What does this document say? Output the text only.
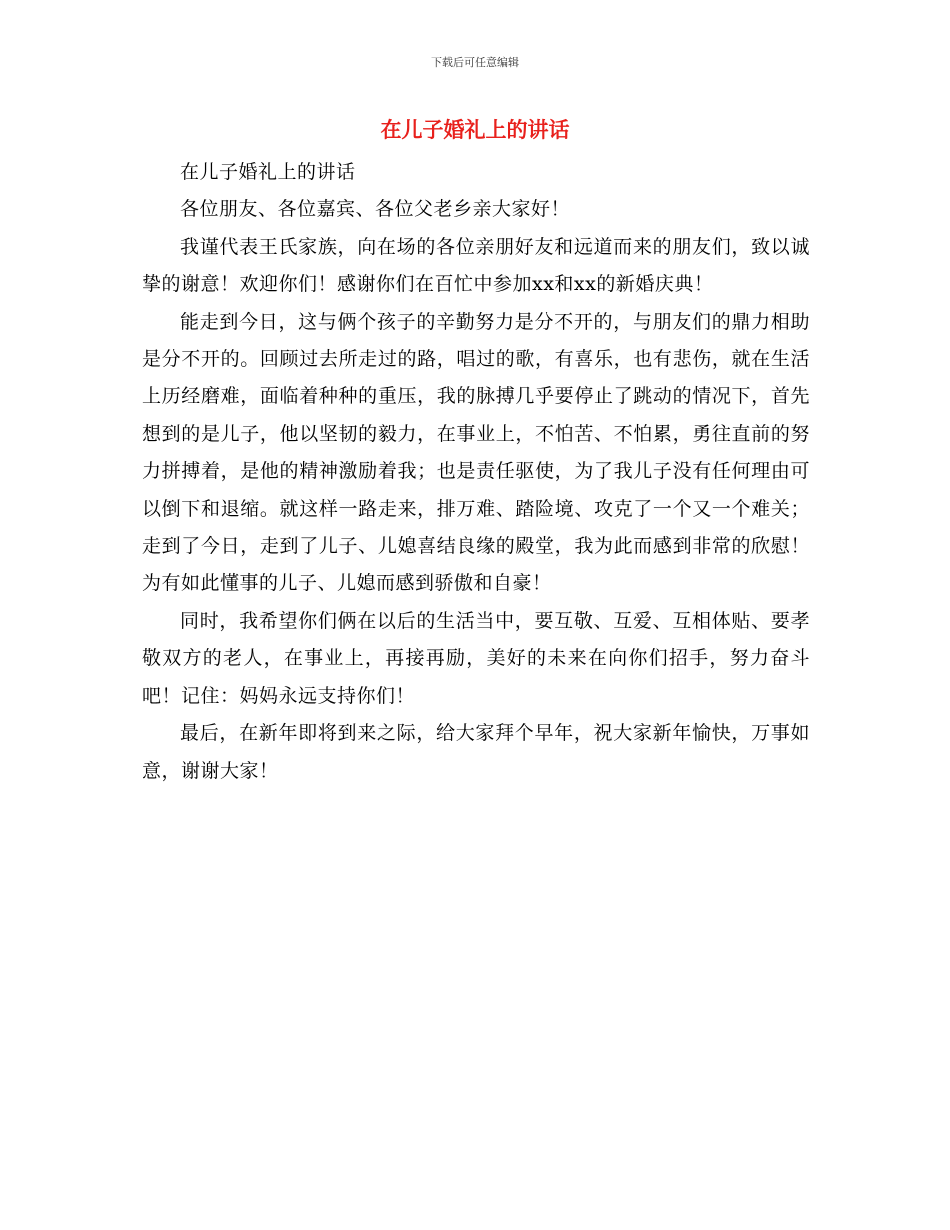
下载后可任意编辑
在儿子婚礼上的讲话

在儿子婚礼上的讲话

各位朋友、各位嘉宾、各位父老乡亲大家好！

我谨代表王氏家族，向在场的各位亲朋好友和远道而来的朋友们，致以诚挚的谢意！欢迎你们！感谢你们在百忙中参加xx和xx的新婚庆典！

能走到今日，这与俩个孩子的辛勤努力是分不开的，与朋友们的鼎力相助是分不开的。回顾过去所走过的路，唱过的歌，有喜乐，也有悲伤，就在生活上历经磨难，面临着种种的重压，我的脉搏几乎要停止了跳动的情况下，首先想到的是儿子，他以坚韧的毅力，在事业上，不怕苦、不怕累，勇往直前的努力拼搏着，是他的精神激励着我；也是责任驱使，为了我儿子没有任何理由可以倒下和退缩。就这样一路走来，排万难、踏险境、攻克了一个又一个难关；走到了今日，走到了儿子、儿媳喜结良缘的殿堂，我为此而感到非常的欣慰！为有如此懂事的儿子、儿媳而感到骄傲和自豪！

同时，我希望你们俩在以后的生活当中，要互敬、互爱、互相体贴、要孝敬双方的老人，在事业上，再接再励，美好的未来在向你们招手，努力奋斗吧！记住：妈妈永远支持你们！

最后，在新年即将到来之际，给大家拜个早年，祝大家新年愉快，万事如意，谢谢大家！
